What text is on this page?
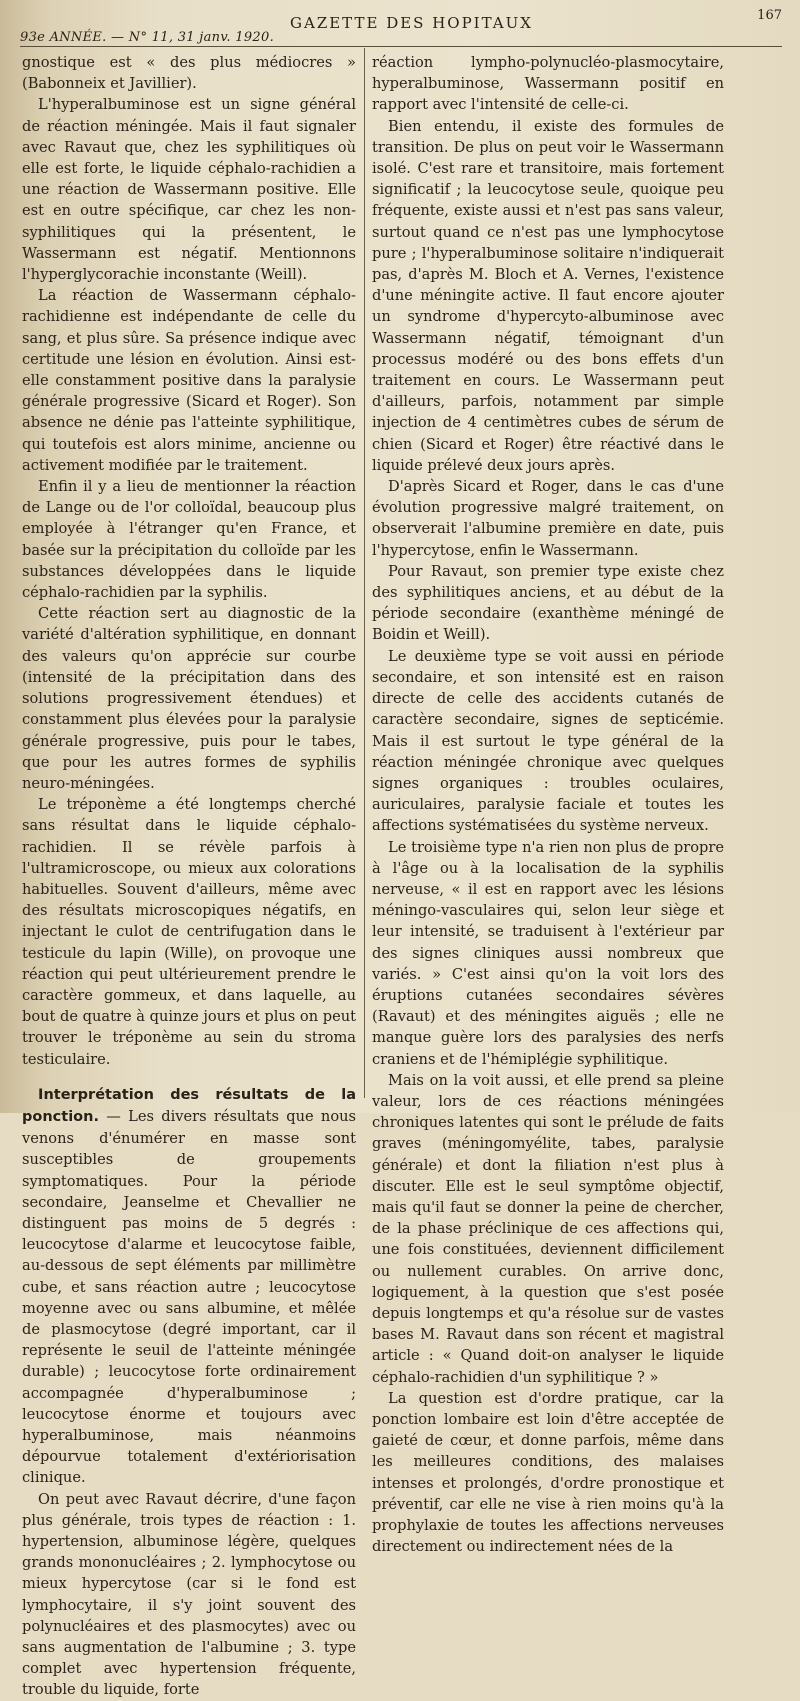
93e ANNÉE. — N° 11, 31 janv. 1920.
GAZETTE DES HOPITAUX	167

gnostique est « des plus médiocres » (Babonneix et Javillier).

L'hyperalbuminose est un signe général de réaction méningée. Mais il faut signaler avec Ravaut que, chez les syphilitiques où elle est forte, le liquide céphalo-rachidien a une réaction de Wassermann positive. Elle est en outre spécifique, car chez les non-syphilitiques qui la présentent, le Wassermann est négatif. Mentionnons l'hyperglycorachie inconstante (Weill).

La réaction de Wassermann céphalo-rachidienne est indépendante de celle du sang, et plus sûre. Sa présence indique avec certitude une lésion en évolution. Ainsi est-elle constamment positive dans la paralysie générale progressive (Sicard et Roger). Son absence ne dénie pas l'atteinte syphilitique, qui toutefois est alors minime, ancienne ou activement modifiée par le traitement.

Enfin il y a lieu de mentionner la réaction de Lange ou de l'or colloïdal, beaucoup plus employée à l'étranger qu'en France, et basée sur la précipitation du colloïde par les substances développées dans le liquide céphalo-rachidien par la syphilis.

Cette réaction sert au diagnostic de la variété d'altération syphilitique, en donnant des valeurs qu'on apprécie sur courbe (intensité de la précipitation dans des solutions progressivement étendues) et constamment plus élevées pour la paralysie générale progressive, puis pour le tabes, que pour les autres formes de syphilis neuro-méningées.

Le tréponème a été longtemps cherché sans résultat dans le liquide céphalo-rachidien. Il se révèle parfois à l'ultramicroscope, ou mieux aux colorations habituelles. Souvent d'ailleurs, même avec des résultats microscopiques négatifs, en injectant le culot de centrifugation dans le testicule du lapin (Wille), on provoque une réaction qui peut ultérieurement prendre le caractère gommeux, et dans laquelle, au bout de quatre à quinze jours et plus on peut trouver le tréponème au sein du stroma testiculaire.

Interprétation des résultats de la ponction. — Les divers résultats que nous venons d'énumérer en masse sont susceptibles de groupements symptomatiques. Pour la période secondaire, Jeanselme et Chevallier ne distinguent pas moins de 5 degrés : leucocytose d'alarme et leucocytose faible, au-dessous de sept éléments par millimètre cube, et sans réaction autre ; leucocytose moyenne avec ou sans albumine, et mêlée de plasmocytose (degré important, car il représente le seuil de l'atteinte méningée durable) ; leucocytose forte ordinairement accompagnée d'hyperalbuminose ; leucocytose énorme et toujours avec hyperalbuminose, mais néanmoins dépourvue totalement d'extériorisation clinique.

On peut avec Ravaut décrire, d'une façon plus générale, trois types de réaction : 1. hypertension, albuminose légère, quelques grands mononucléaires ; 2. lymphocytose ou mieux hypercytose (car si le fond est lymphocytaire, il s'y joint souvent des polynucléaires et des plasmocytes) avec ou sans augmentation de l'albumine ; 3. type complet avec hypertension fréquente, trouble du liquide, forte

réaction lympho-polynucléo-plasmocytaire, hyperalbuminose, Wassermann positif en rapport avec l'intensité de celle-ci.

Bien entendu, il existe des formules de transition. De plus on peut voir le Wassermann isolé. C'est rare et transitoire, mais fortement significatif ; la leucocytose seule, quoique peu fréquente, existe aussi et n'est pas sans valeur, surtout quand ce n'est pas une lymphocytose pure ; l'hyperalbuminose solitaire n'indiquerait pas, d'après M. Bloch et A. Vernes, l'existence d'une méningite active. Il faut encore ajouter un syndrome d'hypercyto-albuminose avec Wassermann négatif, témoignant d'un processus modéré ou des bons effets d'un traitement en cours. Le Wassermann peut d'ailleurs, parfois, notamment par simple injection de 4 centimètres cubes de sérum de chien (Sicard et Roger) être réactivé dans le liquide prélevé deux jours après.

D'après Sicard et Roger, dans le cas d'une évolution progressive malgré traitement, on observerait l'albumine première en date, puis l'hypercytose, enfin le Wassermann.

Pour Ravaut, son premier type existe chez des syphilitiques anciens, et au début de la période secondaire (exanthème méningé de Boidin et Weill).

Le deuxième type se voit aussi en période secondaire, et son intensité est en raison directe de celle des accidents cutanés de caractère secondaire, signes de septicémie. Mais il est surtout le type général de la réaction méningée chronique avec quelques signes organiques : troubles oculaires, auriculaires, paralysie faciale et toutes les affections systématisées du système nerveux.

Le troisième type n'a rien non plus de propre à l'âge ou à la localisation de la syphilis nerveuse, « il est en rapport avec les lésions méningo-vasculaires qui, selon leur siège et leur intensité, se traduisent à l'extérieur par des signes cliniques aussi nombreux que variés. » C'est ainsi qu'on la voit lors des éruptions cutanées secondaires sévères (Ravaut) et des méningites aiguës ; elle ne manque guère lors des paralysies des nerfs craniens et de l'hémiplégie syphilitique.

Mais on la voit aussi, et elle prend sa pleine valeur, lors de ces réactions méningées chroniques latentes qui sont le prélude de faits graves (méningomyélite, tabes, paralysie générale) et dont la filiation n'est plus à discuter. Elle est le seul symptôme objectif, mais qu'il faut se donner la peine de chercher, de la phase préclinique de ces affections qui, une fois constituées, deviennent difficilement ou nullement curables. On arrive donc, logiquement, à la question que s'est posée depuis longtemps et qu'a résolue sur de vastes bases M. Ravaut dans son récent et magistral article : « Quand doit-on analyser le liquide céphalo-rachidien d'un syphilitique ? »

La question est d'ordre pratique, car la ponction lombaire est loin d'être acceptée de gaieté de cœur, et donne parfois, même dans les meilleures conditions, des malaises intenses et prolongés, d'ordre pronostique et préventif, car elle ne vise à rien moins qu'à la prophylaxie de toutes les affections nerveuses directement ou indirectement nées de la
